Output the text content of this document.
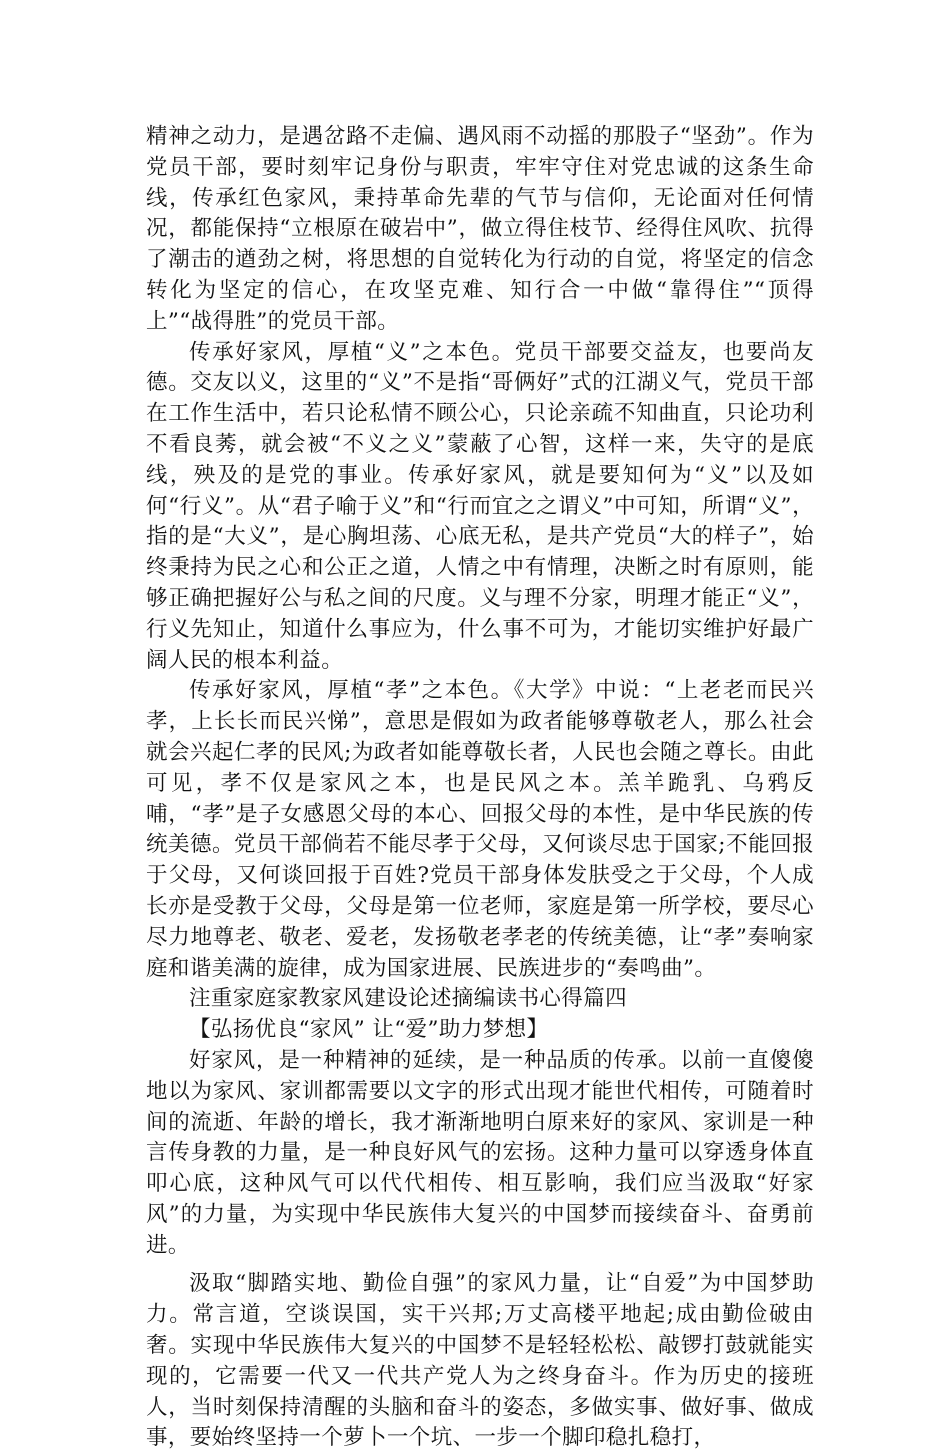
精神之动力，是遇岔路不走偏、遇风雨不动摇的那股子“坚劲”。作为党员干部，要时刻牢记身份与职责，牢牢守住对党忠诚的这条生命线，传承红色家风，秉持革命先辈的气节与信仰，无论面对任何情况，都能保持“立根原在破岩中”，做立得住枝节、经得住风吹、抗得了潮击的遒劲之树，将思想的自觉转化为行动的自觉，将坚定的信念转化为坚定的信心，在攻坚克难、知行合一中做“靠得住”“顶得上”“战得胜”的党员干部。

传承好家风，厚植“义”之本色。党员干部要交益友，也要尚友德。交友以义，这里的“义”不是指“哥俩好”式的江湖义气，党员干部在工作生活中，若只论私情不顾公心，只论亲疏不知曲直，只论功利不看良莠，就会被“不义之义”蒙蔽了心智，这样一来，失守的是底线，殃及的是党的事业。传承好家风，就是要知何为“义”以及如何“行义”。从“君子喻于义”和“行而宜之之谓义”中可知，所谓“义”，指的是“大义”，是心胸坦荡、心底无私，是共产党员“大的样子”，始终秉持为民之心和公正之道，人情之中有情理，决断之时有原则，能够正确把握好公与私之间的尺度。义与理不分家，明理才能正“义”，行义先知止，知道什么事应为，什么事不可为，才能切实维护好最广阔人民的根本利益。

传承好家风，厚植“孝”之本色。《大学》中说：“上老老而民兴孝，上长长而民兴悌”，意思是假如为政者能够尊敬老人，那么社会就会兴起仁孝的民风;为政者如能尊敬长者，人民也会随之尊长。由此可见，孝不仅是家风之本，也是民风之本。羔羊跪乳、乌鸦反哺，“孝”是子女感恩父母的本心、回报父母的本性，是中华民族的传统美德。党员干部倘若不能尽孝于父母，又何谈尽忠于国家;不能回报于父母，又何谈回报于百姓?党员干部身体发肤受之于父母，个人成长亦是受教于父母，父母是第一位老师，家庭是第一所学校，要尽心尽力地尊老、敬老、爱老，发扬敬老孝老的传统美德，让“孝”奏响家庭和谐美满的旋律，成为国家进展、民族进步的“奏鸣曲”。

注重家庭家教家风建设论述摘编读书心得篇四

【弘扬优良“家风” 让“爱”助力梦想】

好家风，是一种精神的延续，是一种品质的传承。以前一直傻傻地以为家风、家训都需要以文字的形式出现才能世代相传，可随着时间的流逝、年龄的增长，我才渐渐地明白原来好的家风、家训是一种言传身教的力量，是一种良好风气的宏扬。这种力量可以穿透身体直叩心底，这种风气可以代代相传、相互影响，我们应当汲取“好家风”的力量，为实现中华民族伟大复兴的中国梦而接续奋斗、奋勇前进。

汲取“脚踏实地、勤俭自强”的家风力量，让“自爱”为中国梦助力。常言道，空谈误国，实干兴邦;万丈高楼平地起;成由勤俭破由奢。实现中华民族伟大复兴的中国梦不是轻轻松松、敲锣打鼓就能实现的，它需要一代又一代共产党人为之终身奋斗。作为历史的接班人，当时刻保持清醒的头脑和奋斗的姿态，多做实事、做好事、做成事，要始终坚持一个萝卜一个坑、一步一个脚印稳扎稳打，
